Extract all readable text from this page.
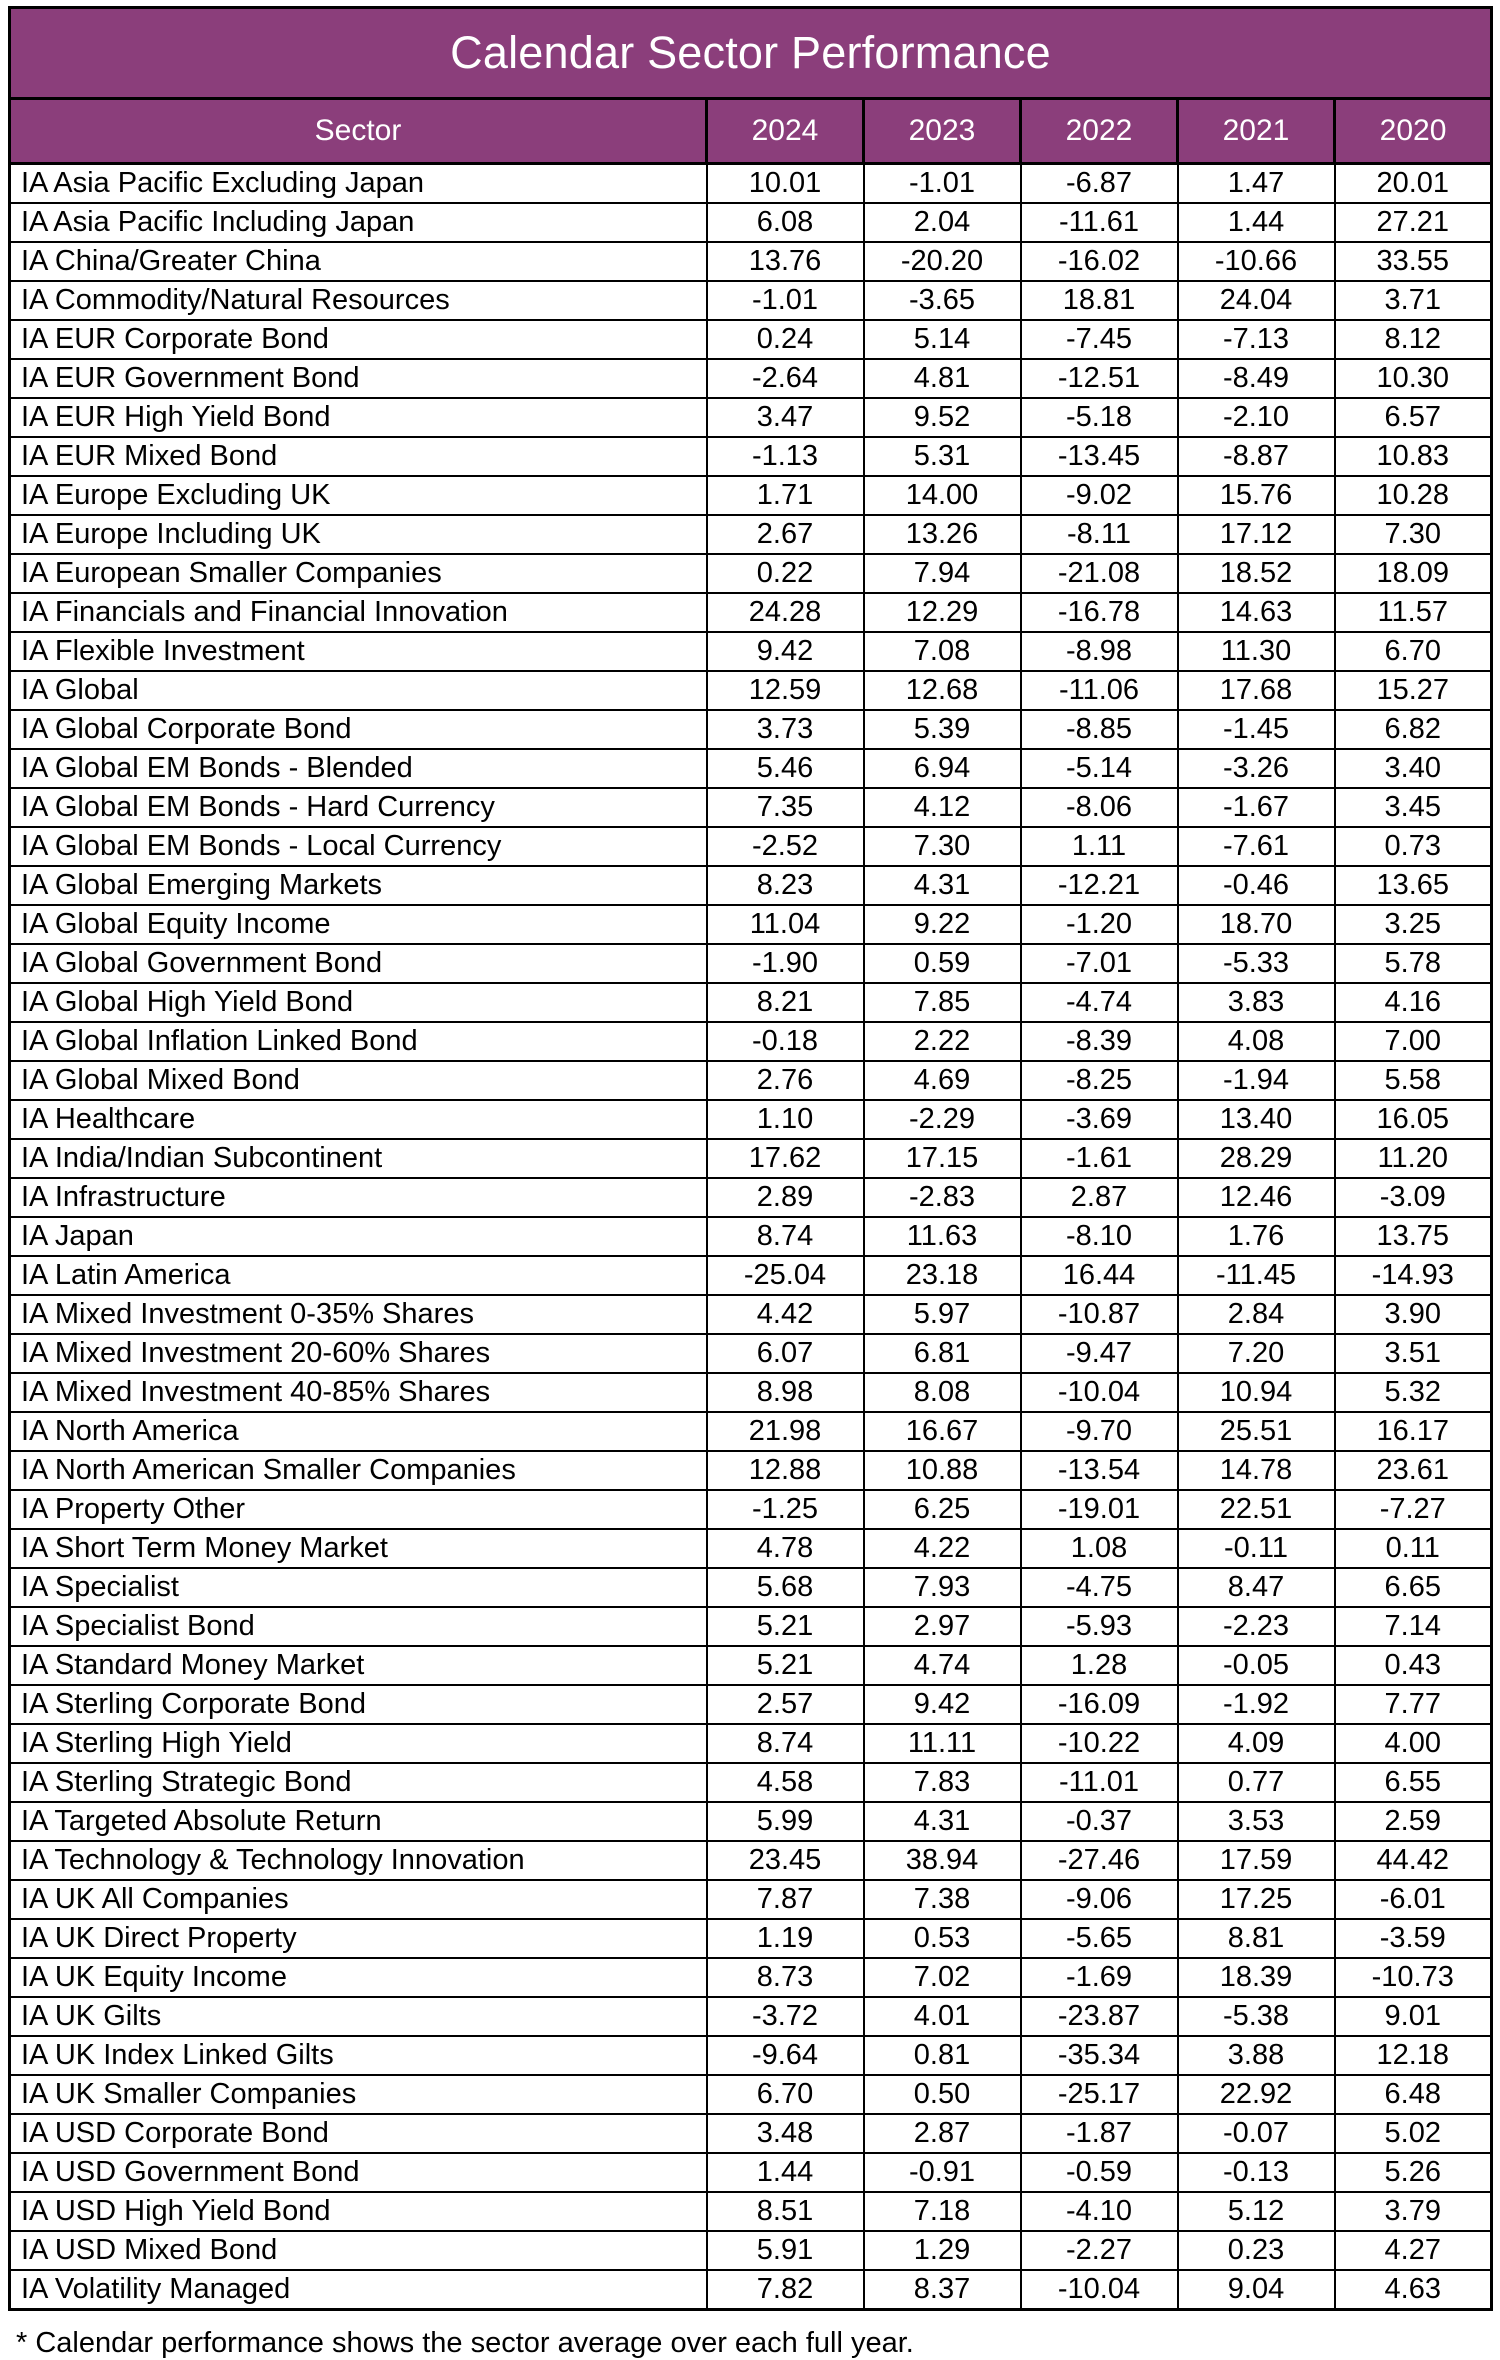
Calendar Sector Performance					
Sector	2024	2023	2022	2021	2020
IA Asia Pacific Excluding Japan	10.01	-1.01	-6.87	1.47	20.01
IA Asia Pacific Including Japan	6.08	2.04	-11.61	1.44	27.21
IA China/Greater China	13.76	-20.20	-16.02	-10.66	33.55
IA Commodity/Natural Resources	-1.01	-3.65	18.81	24.04	3.71
IA EUR Corporate Bond	0.24	5.14	-7.45	-7.13	8.12
IA EUR Government Bond	-2.64	4.81	-12.51	-8.49	10.30
IA EUR High Yield Bond	3.47	9.52	-5.18	-2.10	6.57
IA EUR Mixed Bond	-1.13	5.31	-13.45	-8.87	10.83
IA Europe Excluding UK	1.71	14.00	-9.02	15.76	10.28
IA Europe Including UK	2.67	13.26	-8.11	17.12	7.30
IA European Smaller Companies	0.22	7.94	-21.08	18.52	18.09
IA Financials and Financial Innovation	24.28	12.29	-16.78	14.63	11.57
IA Flexible Investment	9.42	7.08	-8.98	11.30	6.70
IA Global	12.59	12.68	-11.06	17.68	15.27
IA Global Corporate Bond	3.73	5.39	-8.85	-1.45	6.82
IA Global EM Bonds - Blended	5.46	6.94	-5.14	-3.26	3.40
IA Global EM Bonds - Hard Currency	7.35	4.12	-8.06	-1.67	3.45
IA Global EM Bonds - Local Currency	-2.52	7.30	1.11	-7.61	0.73
IA Global Emerging Markets	8.23	4.31	-12.21	-0.46	13.65
IA Global Equity Income	11.04	9.22	-1.20	18.70	3.25
IA Global Government Bond	-1.90	0.59	-7.01	-5.33	5.78
IA Global High Yield Bond	8.21	7.85	-4.74	3.83	4.16
IA Global Inflation Linked Bond	-0.18	2.22	-8.39	4.08	7.00
IA Global Mixed Bond	2.76	4.69	-8.25	-1.94	5.58
IA Healthcare	1.10	-2.29	-3.69	13.40	16.05
IA India/Indian Subcontinent	17.62	17.15	-1.61	28.29	11.20
IA Infrastructure	2.89	-2.83	2.87	12.46	-3.09
IA Japan	8.74	11.63	-8.10	1.76	13.75
IA Latin America	-25.04	23.18	16.44	-11.45	-14.93
IA Mixed Investment 0-35% Shares	4.42	5.97	-10.87	2.84	3.90
IA Mixed Investment 20-60% Shares	6.07	6.81	-9.47	7.20	3.51
IA Mixed Investment 40-85% Shares	8.98	8.08	-10.04	10.94	5.32
IA North America	21.98	16.67	-9.70	25.51	16.17
IA North American Smaller Companies	12.88	10.88	-13.54	14.78	23.61
IA Property Other	-1.25	6.25	-19.01	22.51	-7.27
IA Short Term Money Market	4.78	4.22	1.08	-0.11	0.11
IA Specialist	5.68	7.93	-4.75	8.47	6.65
IA Specialist Bond	5.21	2.97	-5.93	-2.23	7.14
IA Standard Money Market	5.21	4.74	1.28	-0.05	0.43
IA Sterling Corporate Bond	2.57	9.42	-16.09	-1.92	7.77
IA Sterling High Yield	8.74	11.11	-10.22	4.09	4.00
IA Sterling Strategic Bond	4.58	7.83	-11.01	0.77	6.55
IA Targeted Absolute Return	5.99	4.31	-0.37	3.53	2.59
IA Technology & Technology Innovation	23.45	38.94	-27.46	17.59	44.42
IA UK All Companies	7.87	7.38	-9.06	17.25	-6.01
IA UK Direct Property	1.19	0.53	-5.65	8.81	-3.59
IA UK Equity Income	8.73	7.02	-1.69	18.39	-10.73
IA UK Gilts	-3.72	4.01	-23.87	-5.38	9.01
IA UK Index Linked Gilts	-9.64	0.81	-35.34	3.88	12.18
IA UK Smaller Companies	6.70	0.50	-25.17	22.92	6.48
IA USD Corporate Bond	3.48	2.87	-1.87	-0.07	5.02
IA USD Government Bond	1.44	-0.91	-0.59	-0.13	5.26
IA USD High Yield Bond	8.51	7.18	-4.10	5.12	3.79
IA USD Mixed Bond	5.91	1.29	-2.27	0.23	4.27
IA Volatility Managed	7.82	8.37	-10.04	9.04	4.63
* Calendar performance shows the sector average over each full year.
